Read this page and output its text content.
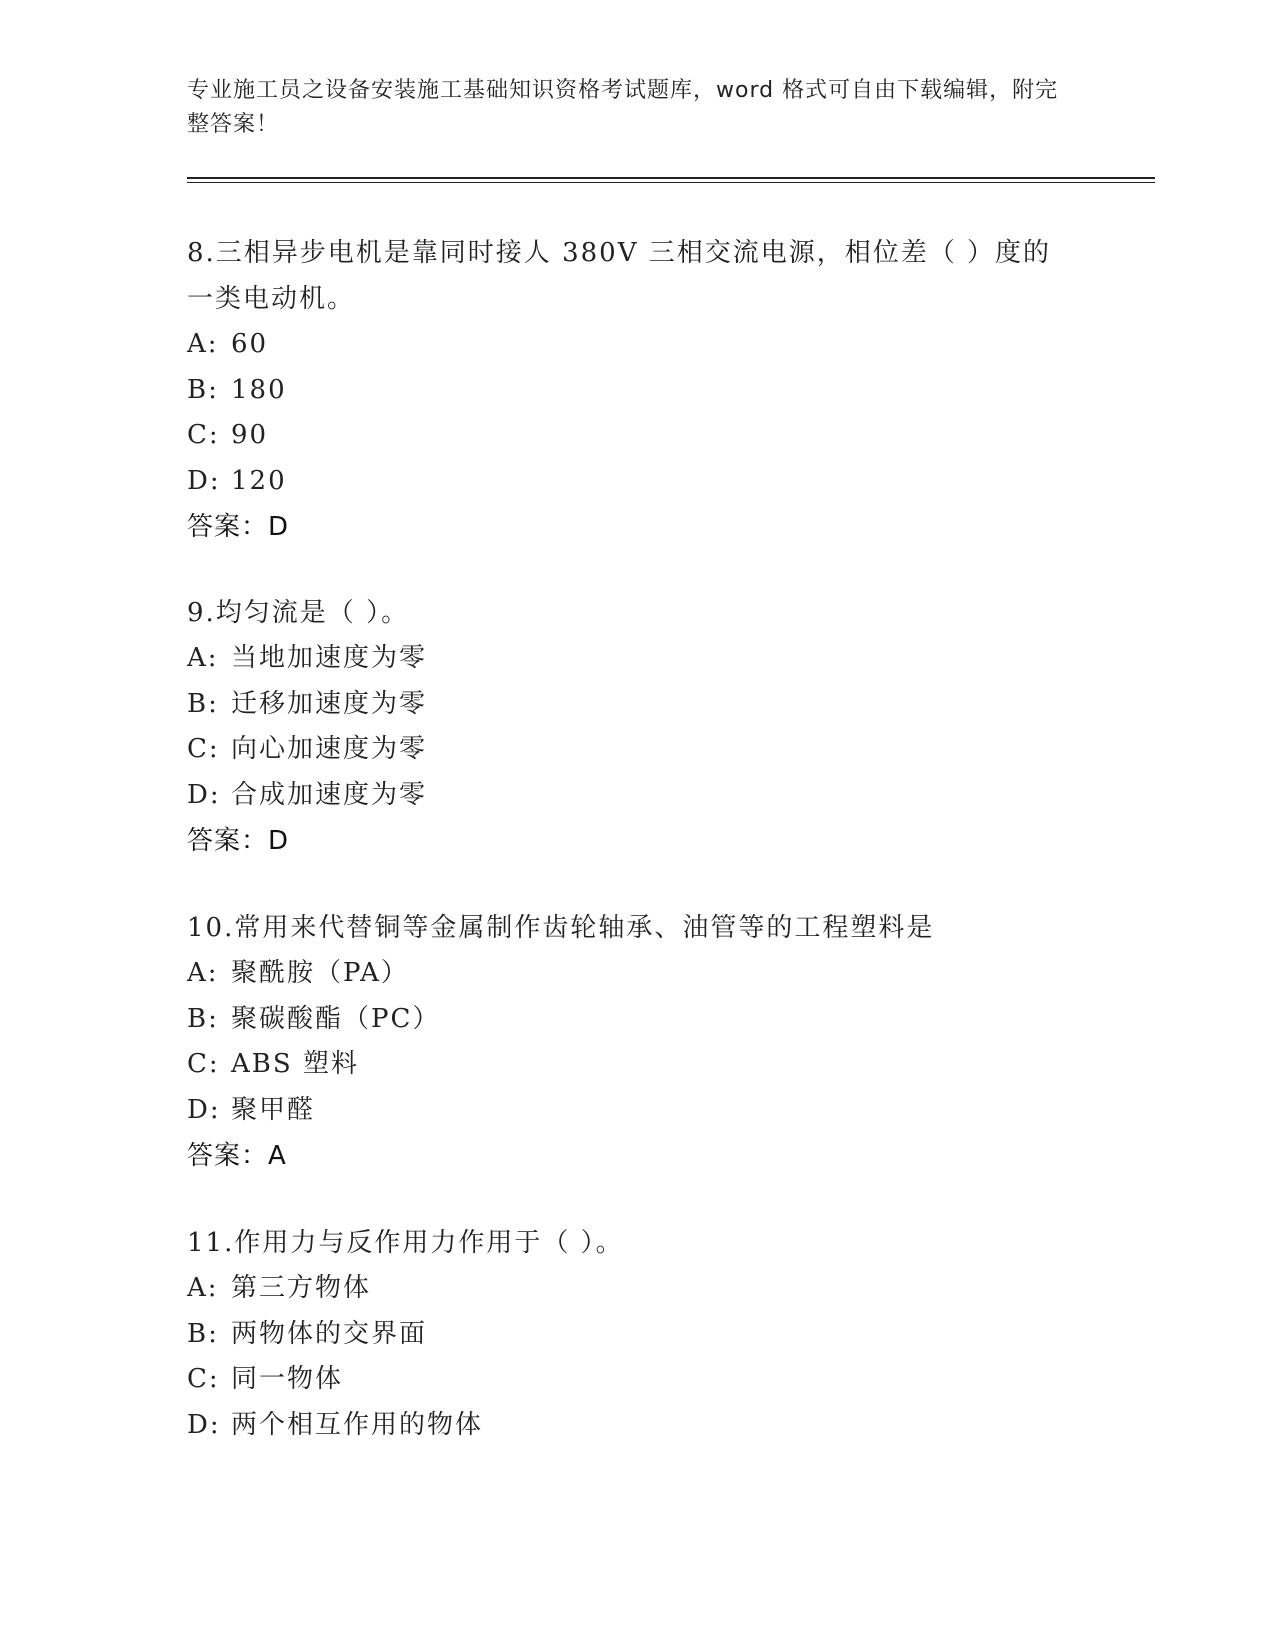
专业施工员之设备安装施工基础知识资格考试题库，word 格式可自由下载编辑，附完整答案！
8.三相异步电机是靠同时接人 380V 三相交流电源，相位差（ ）度的一类电动机。
A: 60
B: 180
C: 90
D: 120
答案：D
9.均匀流是（ ）。
A: 当地加速度为零
B: 迁移加速度为零
C: 向心加速度为零
D: 合成加速度为零
答案：D
10.常用来代替铜等金属制作齿轮轴承、油管等的工程塑料是
A: 聚酰胺（PA）
B: 聚碳酸酯（PC）
C: ABS 塑料
D: 聚甲醛
答案：A
11.作用力与反作用力作用于（ ）。
A: 第三方物体
B: 两物体的交界面
C: 同一物体
D: 两个相互作用的物体
